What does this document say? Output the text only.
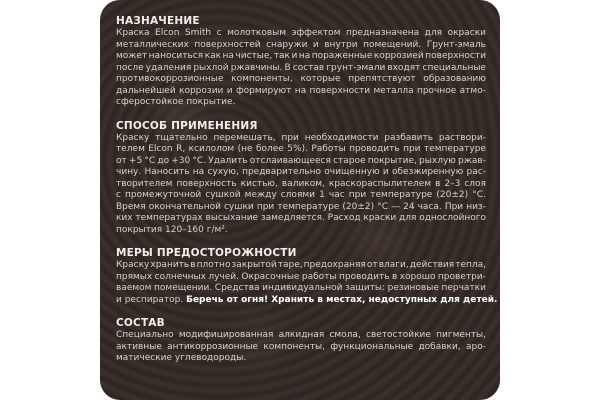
НАЗНАЧЕНИЕ
Краска Elcon Smith с молотковым эффектом предназначена для окраски
металлических поверхностей снаружи и внутри помещений. Грунт-эмаль
может наноситься как на чистые, так и на пораженные коррозией поверхности
после удаления рыхлой ржавчины. В состав грунт-эмали входят специальные
противокоррозионные компоненты, которые препятствуют образованию
дальнейшей коррозии и формируют на поверхности металла прочное атмо-
сферостойкое покрытие.
СПОСОБ ПРИМЕНЕНИЯ
Краску тщательно перемешать, при необходимости разбавить раствори-
телем Elcon R, ксилолом (не более 5%). Работы проводить при температуре
от +5 °C до +30 °C. Удалить отслаивающееся старое покрытие, рыхлую ржав-
чину. Наносить на сухую, предварительно очищенную и обезжиренную рас-
творителем поверхность кистью, валиком, краскораспылителем в 2–3 слоя
с промежуточной сушкой между слоями 1 час при температуре (20±2) °C.
Время окончательной сушки при температуре (20±2) °C — 24 часа. При низ-
ких температурах высыхание замедляется. Расход краски для однослойного
покрытия 120–160 г/м².
МЕРЫ ПРЕДОСТОРОЖНОСТИ
Краску хранить в плотно закрытой таре, предохраняя от влаги, действия тепла,
прямых солнечных лучей. Окрасочные работы проводить в хорошо проветри-
ваемом помещении. Средства индивидуальной защиты: резиновые перчатки
и респиратор.
Беречь от огня! Хранить в местах, недоступных для детей.
СОСТАВ
Специально модифицированная алкидная смола, светостойкие пигменты,
активные антикоррозионные компоненты, функциональные добавки, аро-
матические углеводороды.
